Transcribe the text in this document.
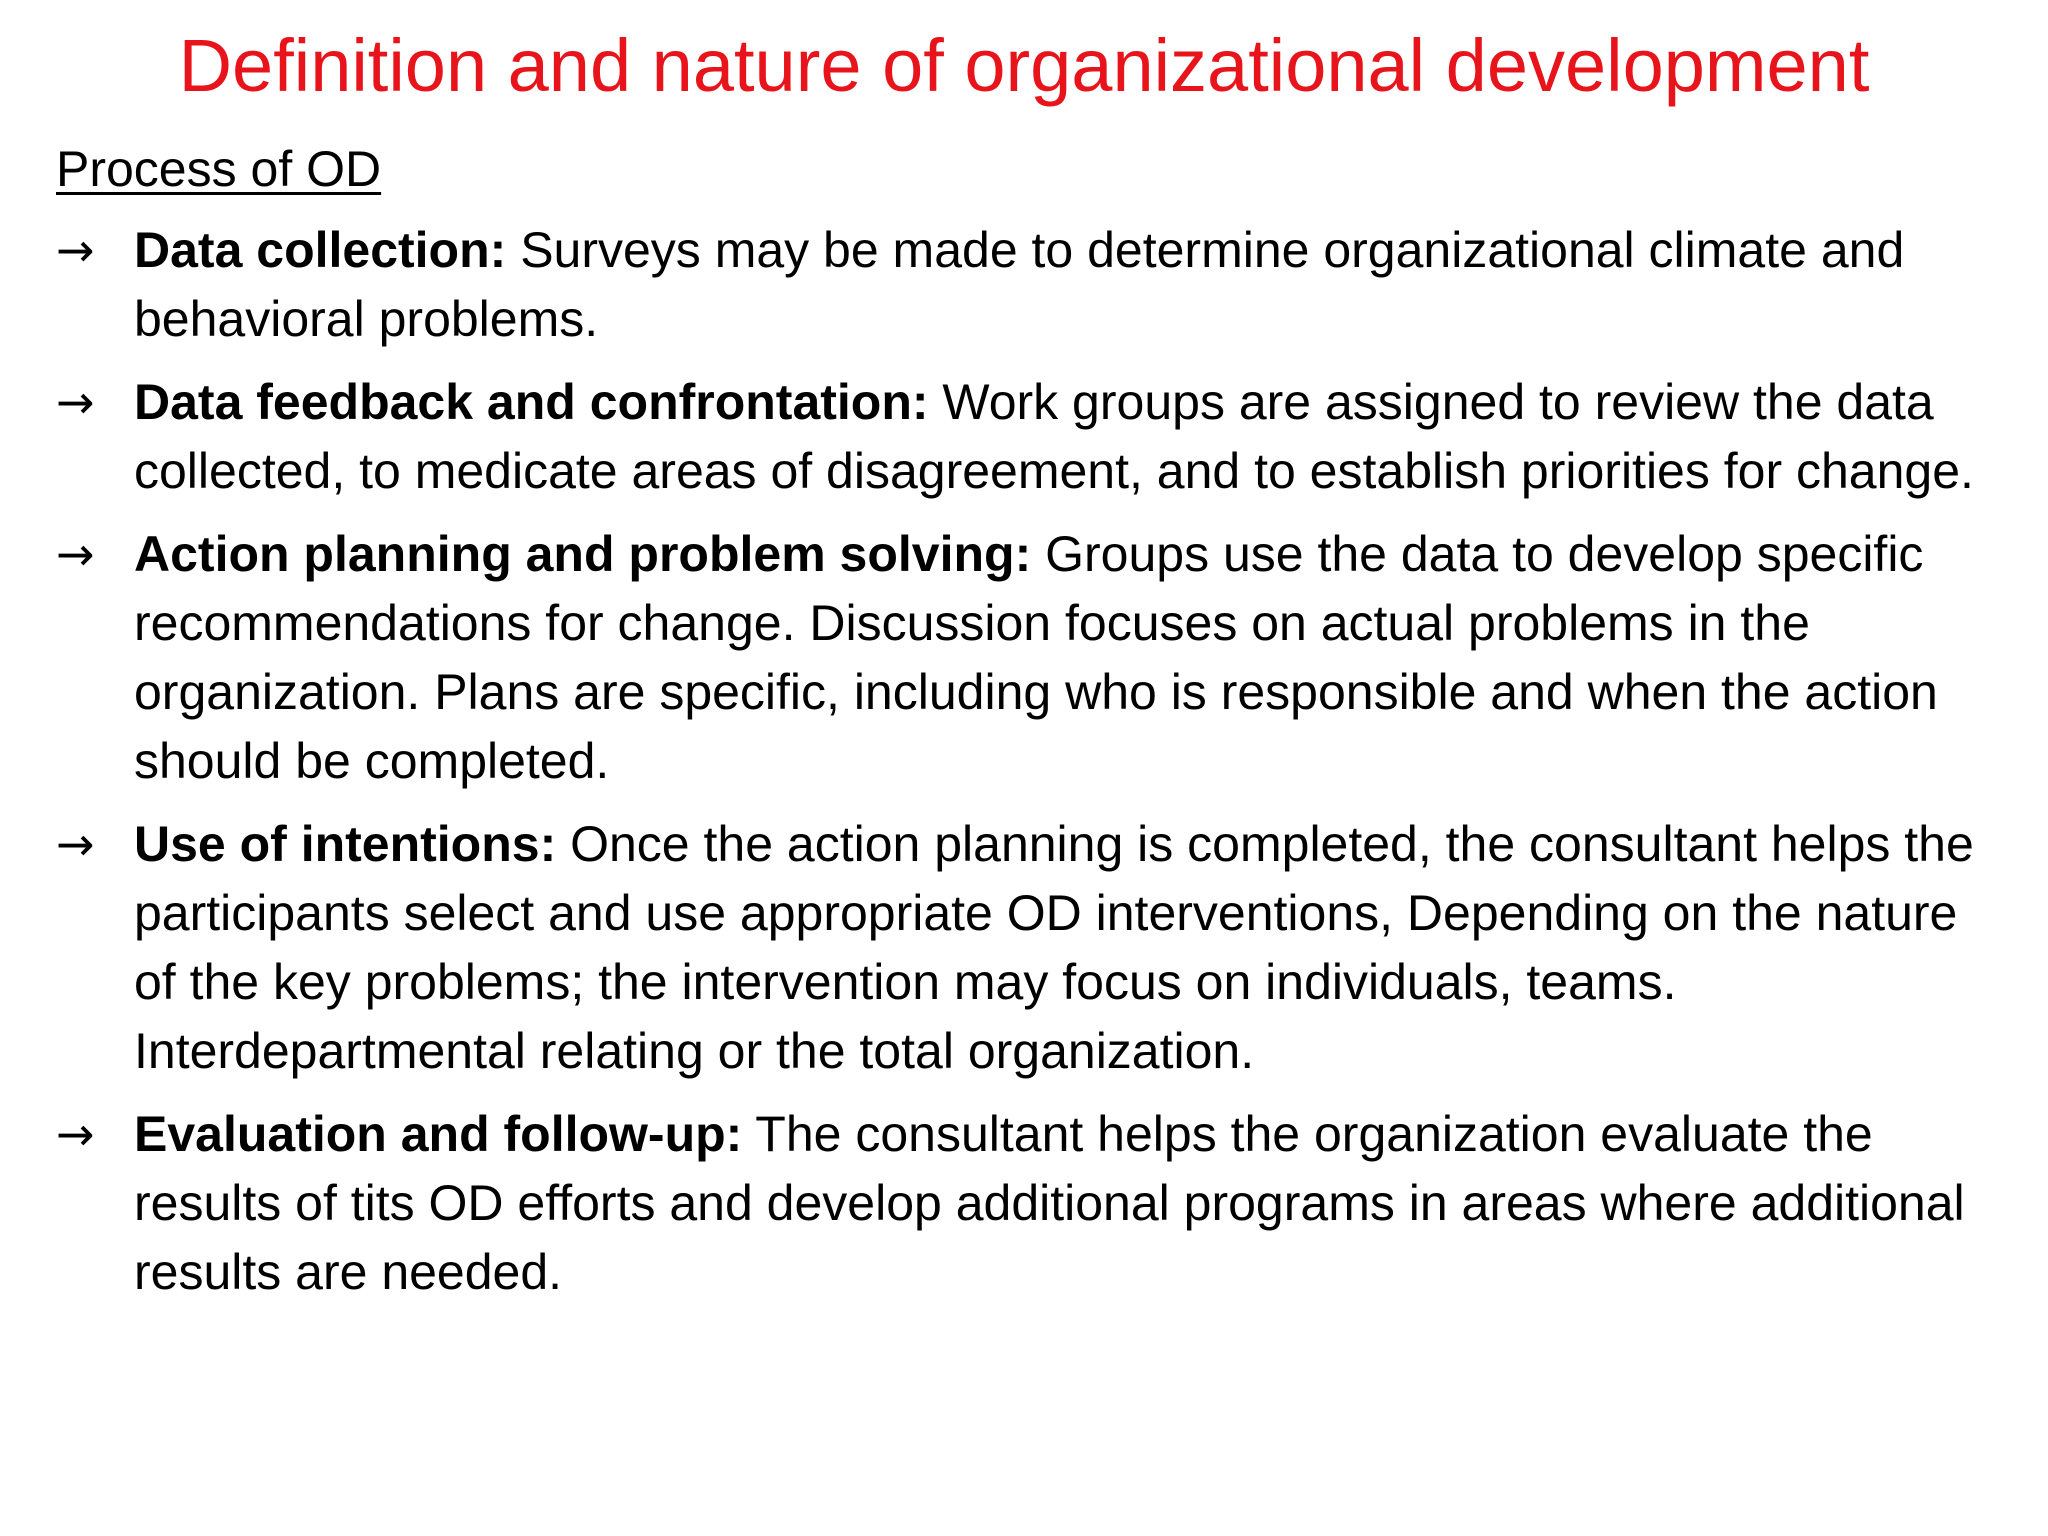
Definition and nature of organizational development
Process of OD
→ Data collection: Surveys may be made to determine organizational climate and behavioral problems.
→ Data feedback and confrontation: Work groups are assigned to review the data collected, to medicate areas of disagreement, and to establish priorities for change.
→ Action planning and problem solving: Groups use the data to develop specific recommendations for change. Discussion focuses on actual problems in the organization. Plans are specific, including who is responsible and when the action should be completed.
→ Use of intentions: Once the action planning is completed, the consultant helps the participants select and use appropriate OD interventions, Depending on the nature of the key problems; the intervention may focus on individuals, teams. Interdepartmental relating or the total organization.
→ Evaluation and follow-up: The consultant helps the organization evaluate the results of tits OD efforts and develop additional programs in areas where additional results are needed.
